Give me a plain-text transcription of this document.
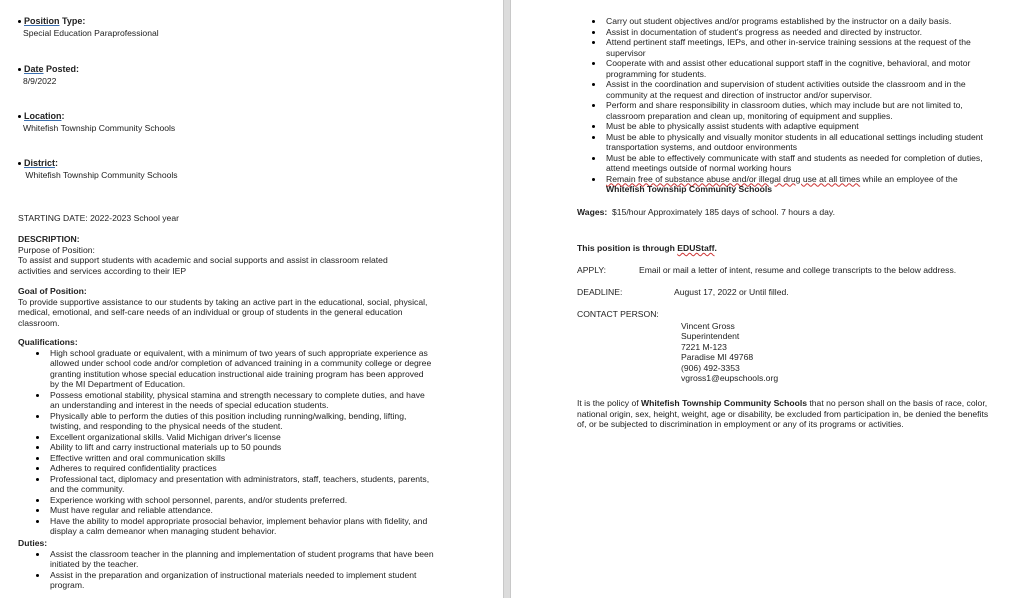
Position Type:
Special Education Paraprofessional
Date Posted:
8/9/2022
Location:
Whitefish Township Community Schools
District:
Whitefish Township Community Schools
STARTING DATE: 2022-2023 School year
DESCRIPTION:
Purpose of Position:
To assist and support students with academic and social supports and assist in classroom related activities and services according to their IEP
Goal of Position:
To provide supportive assistance to our students by taking an active part in the educational, social, physical, medical, emotional, and self-care needs of an individual or group of students in the general education classroom.
Qualifications:
High school graduate or equivalent, with a minimum of two years of such appropriate experience as allowed under school code and/or completion of advanced training in a community college or degree granting institution whose special education instructional aide training program has been approved by the MI Department of Education.
Possess emotional stability, physical stamina and strength necessary to complete duties, and have an understanding and interest in the needs of special education students.
Physically able to perform the duties of this position including running/walking, bending, lifting, twisting, and responding to the physical needs of the student.
Excellent organizational skills. Valid Michigan driver's license
Ability to lift and carry instructional materials up to 50 pounds
Effective written and oral communication skills
Adheres to required confidentiality practices
Professional tact, diplomacy and presentation with administrators, staff, teachers, students, parents, and the community.
Experience working with school personnel, parents, and/or students preferred.
Must have regular and reliable attendance.
Have the ability to model appropriate prosocial behavior, implement behavior plans with fidelity, and display a calm demeanor when managing student behavior.
Duties:
Assist the classroom teacher in the planning and implementation of student programs that have been initiated by the teacher.
Assist in the preparation and organization of instructional materials needed to implement student program.
Carry out student objectives and/or programs established by the instructor on a daily basis.
Assist in documentation of student's progress as needed and directed by instructor.
Attend pertinent staff meetings, IEPs, and other in-service training sessions at the request of the supervisor
Cooperate with and assist other educational support staff in the cognitive, behavioral, and motor programming for students.
Assist in the coordination and supervision of student activities outside the classroom and in the community at the request and direction of instructor and/or supervisor.
Perform and share responsibility in classroom duties, which may include but are not limited to, classroom preparation and clean up, monitoring of equipment and supplies.
Must be able to physically assist students with adaptive equipment
Must be able to physically and visually monitor students in all educational settings including student transportation systems, and outdoor environments
Must be able to effectively communicate with staff and students as needed for completion of duties, attend meetings outside of normal working hours
Remain free of substance abuse and/or illegal drug use at all times while an employee of the Whitefish Township Community Schools
Wages: $15/hour Approximately 185 days of school. 7 hours a day.
This position is through EDUStaff.
APPLY:	Email or mail a letter of intent, resume and college transcripts to the below address.
DEADLINE:	August 17, 2022 or Until filled.
CONTACT PERSON:
Vincent Gross
Superintendent
7221 M-123
Paradise MI 49768
(906) 492-3353
vgross1@eupschools.org
It is the policy of Whitefish Township Community Schools that no person shall on the basis of race, color, national origin, sex, height, weight, age or disability, be excluded from participation in, be denied the benefits of, or be subjected to discrimination in employment or any of its programs or activities.
